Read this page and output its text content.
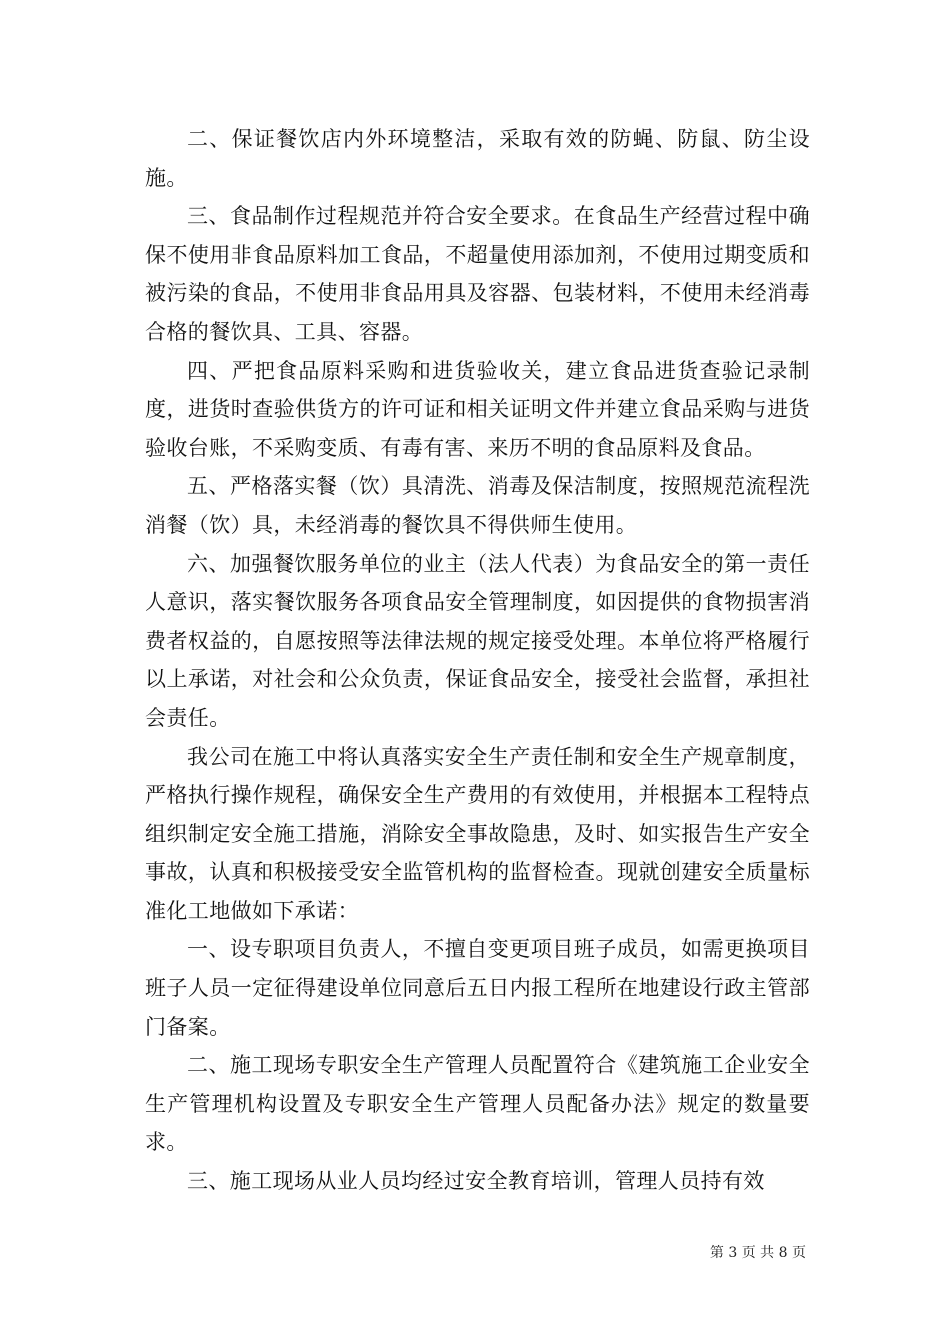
二、保证餐饮店内外环境整洁，采取有效的防蝇、防鼠、防尘设施。

三、食品制作过程规范并符合安全要求。在食品生产经营过程中确保不使用非食品原料加工食品，不超量使用添加剂，不使用过期变质和被污染的食品，不使用非食品用具及容器、包装材料，不使用未经消毒合格的餐饮具、工具、容器。

四、严把食品原料采购和进货验收关，建立食品进货查验记录制度，进货时查验供货方的许可证和相关证明文件并建立食品采购与进货验收台账，不采购变质、有毒有害、来历不明的食品原料及食品。

五、严格落实餐（饮）具清洗、消毒及保洁制度，按照规范流程洗消餐（饮）具，未经消毒的餐饮具不得供师生使用。

六、加强餐饮服务单位的业主（法人代表）为食品安全的第一责任人意识，落实餐饮服务各项食品安全管理制度，如因提供的食物损害消费者权益的，自愿按照等法律法规的规定接受处理。本单位将严格履行以上承诺，对社会和公众负责，保证食品安全，接受社会监督，承担社会责任。

我公司在施工中将认真落实安全生产责任制和安全生产规章制度，严格执行操作规程，确保安全生产费用的有效使用，并根据本工程特点组织制定安全施工措施，消除安全事故隐患，及时、如实报告生产安全事故，认真和积极接受安全监管机构的监督检查。现就创建安全质量标准化工地做如下承诺：

一、设专职项目负责人，不擅自变更项目班子成员，如需更换项目班子人员一定征得建设单位同意后五日内报工程所在地建设行政主管部门备案。

二、施工现场专职安全生产管理人员配置符合《建筑施工企业安全生产管理机构设置及专职安全生产管理人员配备办法》规定的数量要求。

三、施工现场从业人员均经过安全教育培训，管理人员持有效

第 3 页 共 8 页
